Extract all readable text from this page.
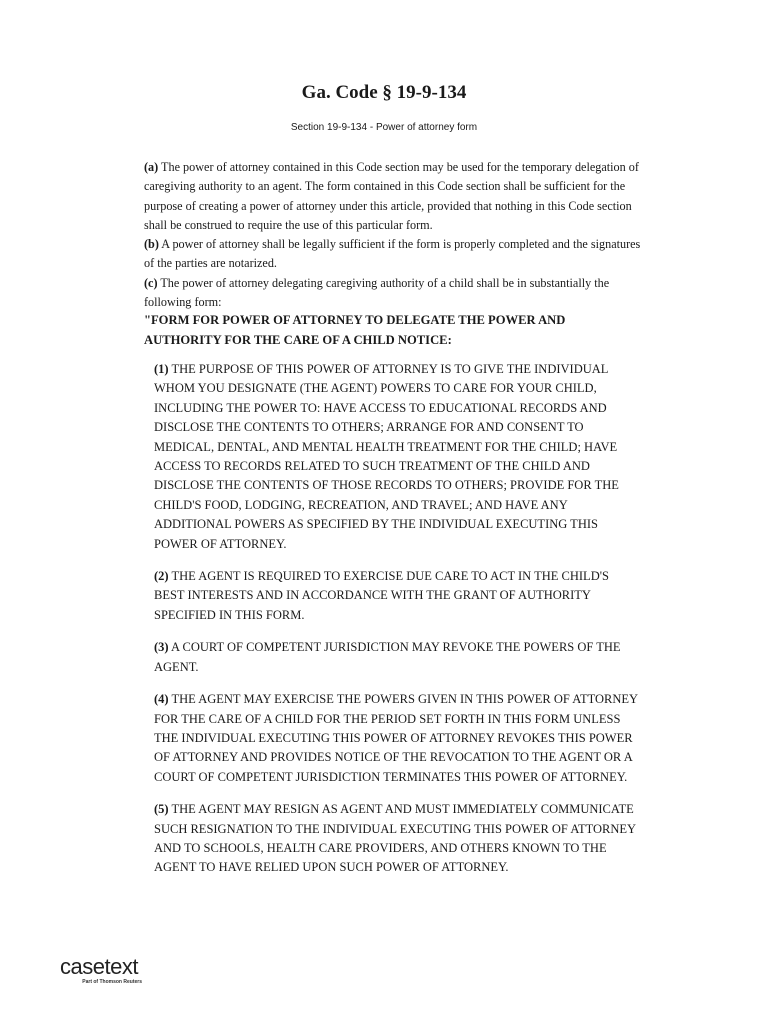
Ga. Code § 19-9-134

Section 19-9-134 - Power of attorney form

(a) The power of attorney contained in this Code section may be used for the temporary delegation of caregiving authority to an agent. The form contained in this Code section shall be sufficient for the purpose of creating a power of attorney under this article, provided that nothing in this Code section shall be construed to require the use of this particular form.

(b) A power of attorney shall be legally sufficient if the form is properly completed and the signatures of the parties are notarized.

(c) The power of attorney delegating caregiving authority of a child shall be in substantially the following form:

"FORM FOR POWER OF ATTORNEY TO DELEGATE THE POWER AND AUTHORITY FOR THE CARE OF A CHILD NOTICE:

(1) THE PURPOSE OF THIS POWER OF ATTORNEY IS TO GIVE THE INDIVIDUAL WHOM YOU DESIGNATE (THE AGENT) POWERS TO CARE FOR YOUR CHILD, INCLUDING THE POWER TO: HAVE ACCESS TO EDUCATIONAL RECORDS AND DISCLOSE THE CONTENTS TO OTHERS; ARRANGE FOR AND CONSENT TO MEDICAL, DENTAL, AND MENTAL HEALTH TREATMENT FOR THE CHILD; HAVE ACCESS TO RECORDS RELATED TO SUCH TREATMENT OF THE CHILD AND DISCLOSE THE CONTENTS OF THOSE RECORDS TO OTHERS; PROVIDE FOR THE CHILD'S FOOD, LODGING, RECREATION, AND TRAVEL; AND HAVE ANY ADDITIONAL POWERS AS SPECIFIED BY THE INDIVIDUAL EXECUTING THIS POWER OF ATTORNEY.

(2) THE AGENT IS REQUIRED TO EXERCISE DUE CARE TO ACT IN THE CHILD'S BEST INTERESTS AND IN ACCORDANCE WITH THE GRANT OF AUTHORITY SPECIFIED IN THIS FORM.

(3) A COURT OF COMPETENT JURISDICTION MAY REVOKE THE POWERS OF THE AGENT.

(4) THE AGENT MAY EXERCISE THE POWERS GIVEN IN THIS POWER OF ATTORNEY FOR THE CARE OF A CHILD FOR THE PERIOD SET FORTH IN THIS FORM UNLESS THE INDIVIDUAL EXECUTING THIS POWER OF ATTORNEY REVOKES THIS POWER OF ATTORNEY AND PROVIDES NOTICE OF THE REVOCATION TO THE AGENT OR A COURT OF COMPETENT JURISDICTION TERMINATES THIS POWER OF ATTORNEY.

(5) THE AGENT MAY RESIGN AS AGENT AND MUST IMMEDIATELY COMMUNICATE SUCH RESIGNATION TO THE INDIVIDUAL EXECUTING THIS POWER OF ATTORNEY AND TO SCHOOLS, HEALTH CARE PROVIDERS, AND OTHERS KNOWN TO THE AGENT TO HAVE RELIED UPON SUCH POWER OF ATTORNEY.

casetext
Part of Thomson Reuters
